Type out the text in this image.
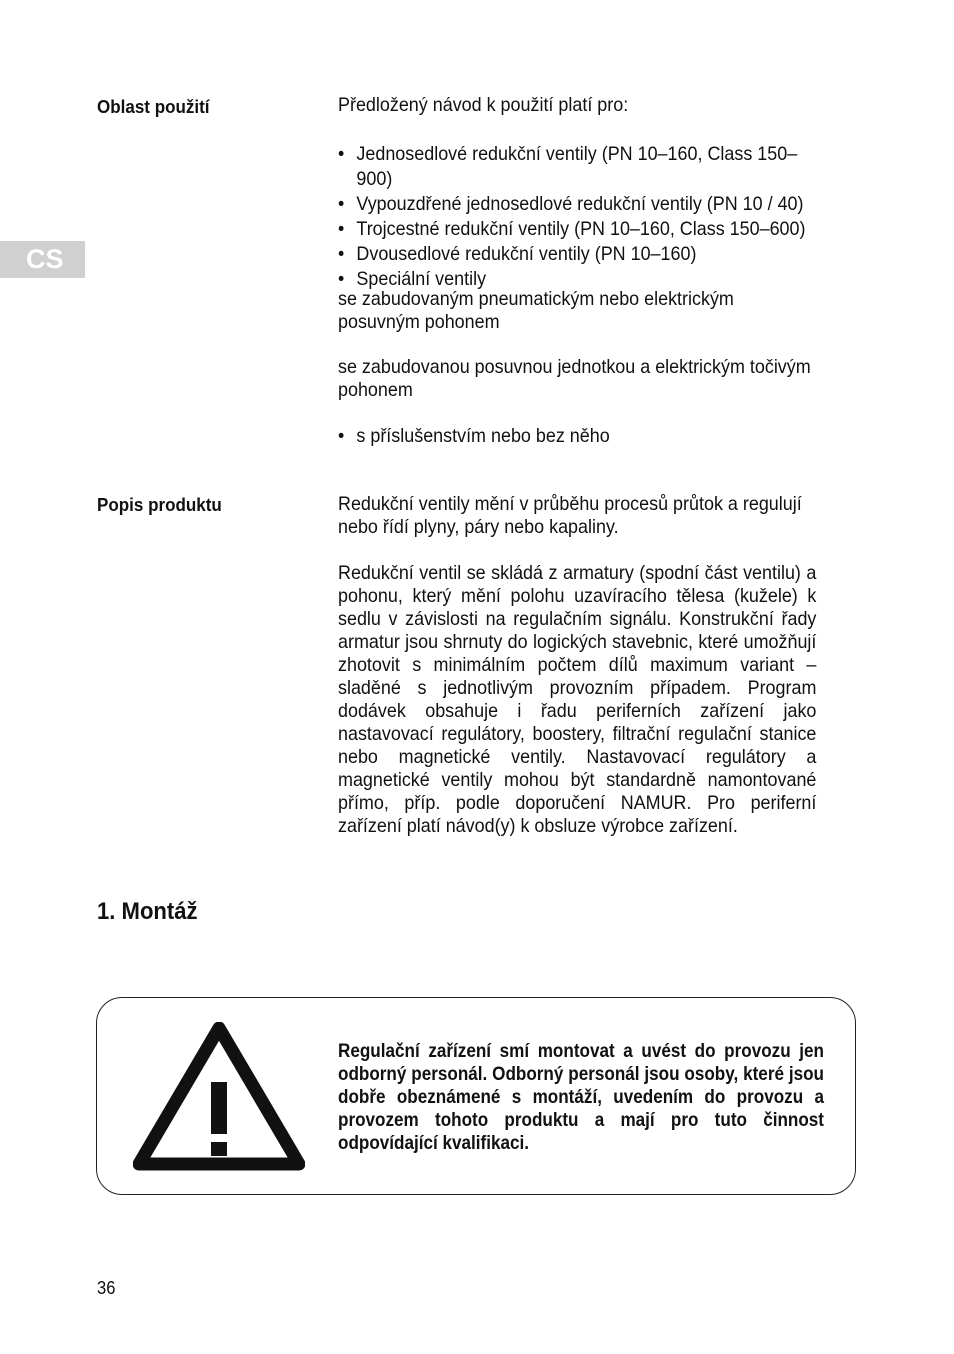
CS
Oblast použití	Předložený návod k použití platí pro:

• Jednosedlové redukční ventily (PN 10–160, Class 150–900)
• Vypouzdřené jednosedlové redukční ventily (PN 10 / 40)
• Trojcestné redukční ventily (PN 10–160, Class 150–600)
• Dvousedlové redukční ventily (PN 10–160)
• Speciální ventily

se zabudovaným pneumatickým nebo elektrickým posuvným pohonem

se zabudovanou posuvnou jednotkou a elektrickým točivým pohonem

• s příslušenstvím nebo bez něho
Popis produktu	Redukční ventily mění v průběhu procesů průtok a regulují nebo řídí plyny, páry nebo kapaliny.

Redukční ventil se skládá z armatury (spodní část ventilu) a pohonu, který mění polohu uzavíracího tělesa (kuželе) k sedlu v závislosti na regulačním signálu. Konstrukční řady armatur jsou shrnuty do logických stavebnic, které umožňují zhotovit s minimálním počtem dílů maximum variant – sladěné s jednotlivým provozním případem. Program dodávek obsahuje i řadu periferních zařízení jako nastavovací regulátory, boostery, filtrační regulační stanice nebo magnetické ventily. Nastavovací regulátory a magnetické ventily mohou být standardně namontované přímo, příp. podle doporučení NAMUR. Pro periferní zařízení platí návod(y) k obsluze výrobce zařízení.

1. Montáž
Regulační zařízení smí montovat a uvést do provozu jen odborný personál. Odborný personál jsou osoby, které jsou dobře obeznámené s montáží, uvedením do provozu a provozem tohoto produktu a mají pro tuto činnost odpovídající kvalifikaci.
36
